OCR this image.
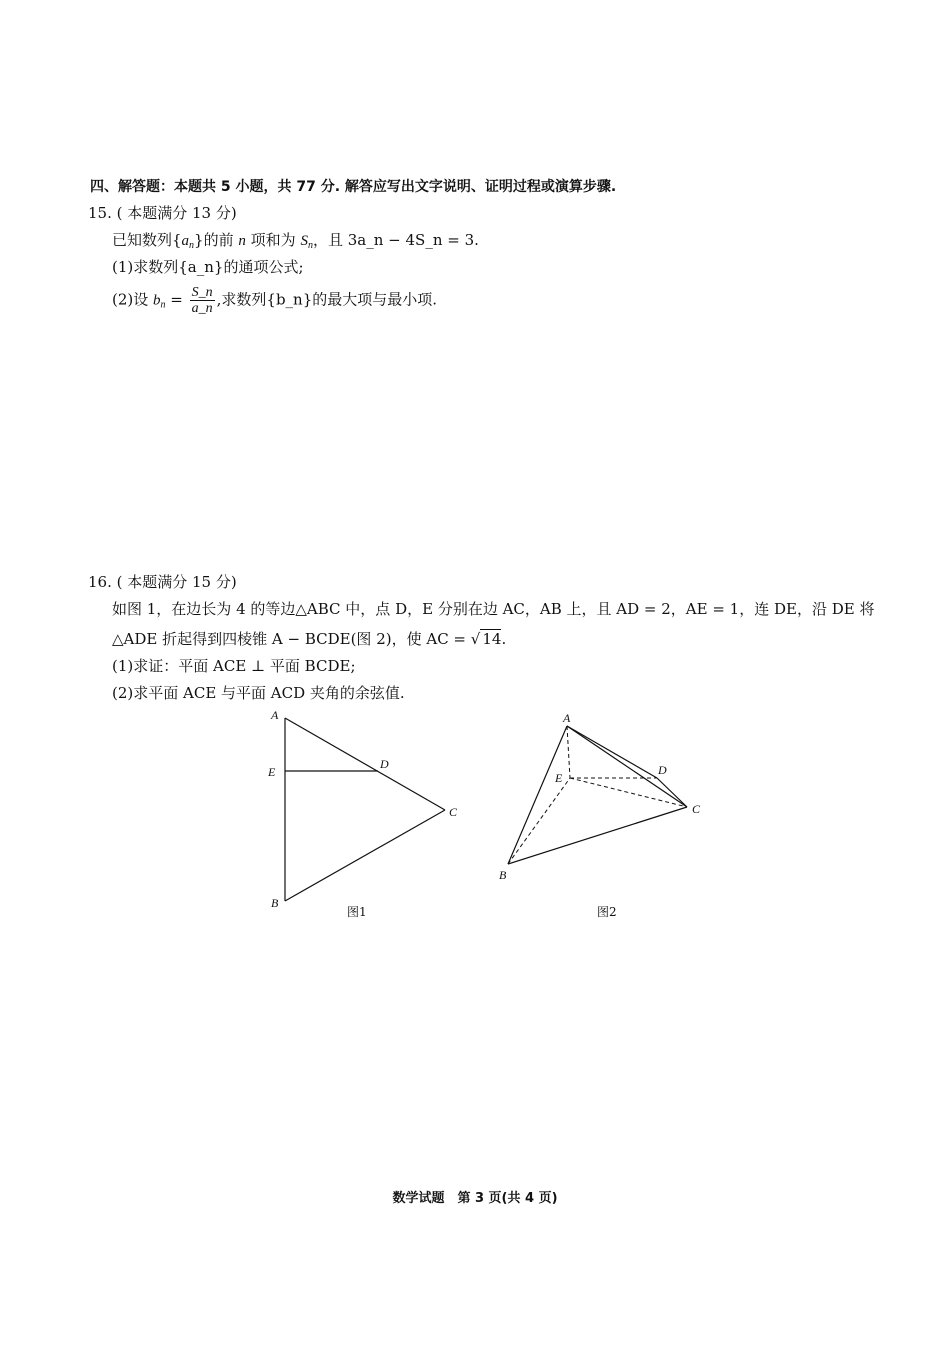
四、解答题：本题共 5 小题，共 77 分. 解答应写出文字说明、证明过程或演算步骤.
15. ( 本题满分 13 分)
已知数列$\{a_n\}$的前 n 项和为 $S_n$，且 3a_n − 4S_n = 3.
(1)求数列{a_n}的通项公式;
(2)设 $b_n = \frac{S\_n}{a\_n}$ ,求数列{b_n}的最大项与最小项.
16. ( 本题满分 15 分)
如图 1，在边长为 4 的等边△ABC 中，点 D，E 分别在边 AC，AB 上，且 AD = 2，AE = 1，连 DE，沿 DE 将
△ADE 折起得到四棱锥 A − BCDE(图 2)，使 AC = √ 14.
(1)求证：平面 ACE ⊥ 平面 BCDE;
(2)求平面 ACE 与平面 ACD 夹角的余弦值.
A
E
D
C
B
图1
A
E
D
C
B
图2
数学试题　第 3 页(共 4 页)
